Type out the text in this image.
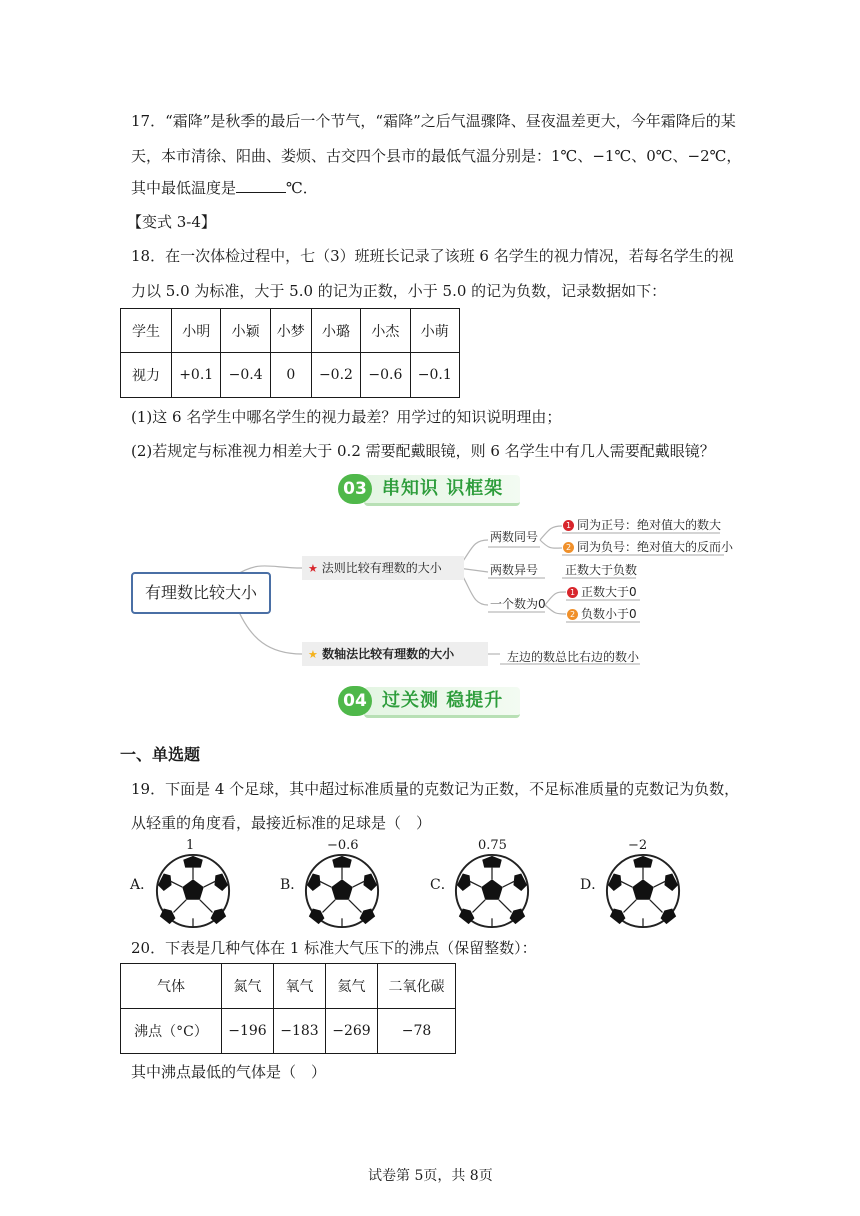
17．“霜降”是秋季的最后一个节气，“霜降”之后气温骤降、昼夜温差更大，今年霜降后的某
天，本市清徐、阳曲、娄烦、古交四个县市的最低气温分别是：1℃、−1℃、0℃、−2℃，
其中最低温度是	℃．
【变式 3-4】
18．在一次体检过程中，七（3）班班长记录了该班 6 名学生的视力情况，若每名学生的视
力以 5.0 为标准，大于 5.0 的记为正数，小于 5.0 的记为负数，记录数据如下：
学生	小明	小颖	小梦	小璐	小杰	小萌
视力	+0.1	−0.4	0	−0.2	−0.6	−0.1
(1)这 6 名学生中哪名学生的视力最差？用学过的知识说明理由；
(2)若规定与标准视力相差大于 0.2 需要配戴眼镜，则 6 名学生中有几人需要配戴眼镜？
03 串知识 识框架
有理数比较大小
★ 法则比较有理数的大小
★ 数轴法比较有理数的大小
两数同号
1 同为正号：绝对值大的数大
2 同为负号：绝对值大的反而小
两数异号 正数大于负数
一个数为0
1 正数大于0
2 负数小于0
左边的数总比右边的数小
04 过关测 稳提升
一、单选题
19．下面是 4 个足球，其中超过标准质量的克数记为正数，不足标准质量的克数记为负数，
从轻重的角度看，最接近标准的足球是（　）
A．
1
B．
−0.6
C．
0.75
D．
−2
20．下表是几种气体在 1 标准大气压下的沸点（保留整数）：
气体	氮气	氧气	氦气	二氧化碳
沸点（°C）	−196	−183	−269	−78
其中沸点最低的气体是（　）
试卷第 5页，共 8页
